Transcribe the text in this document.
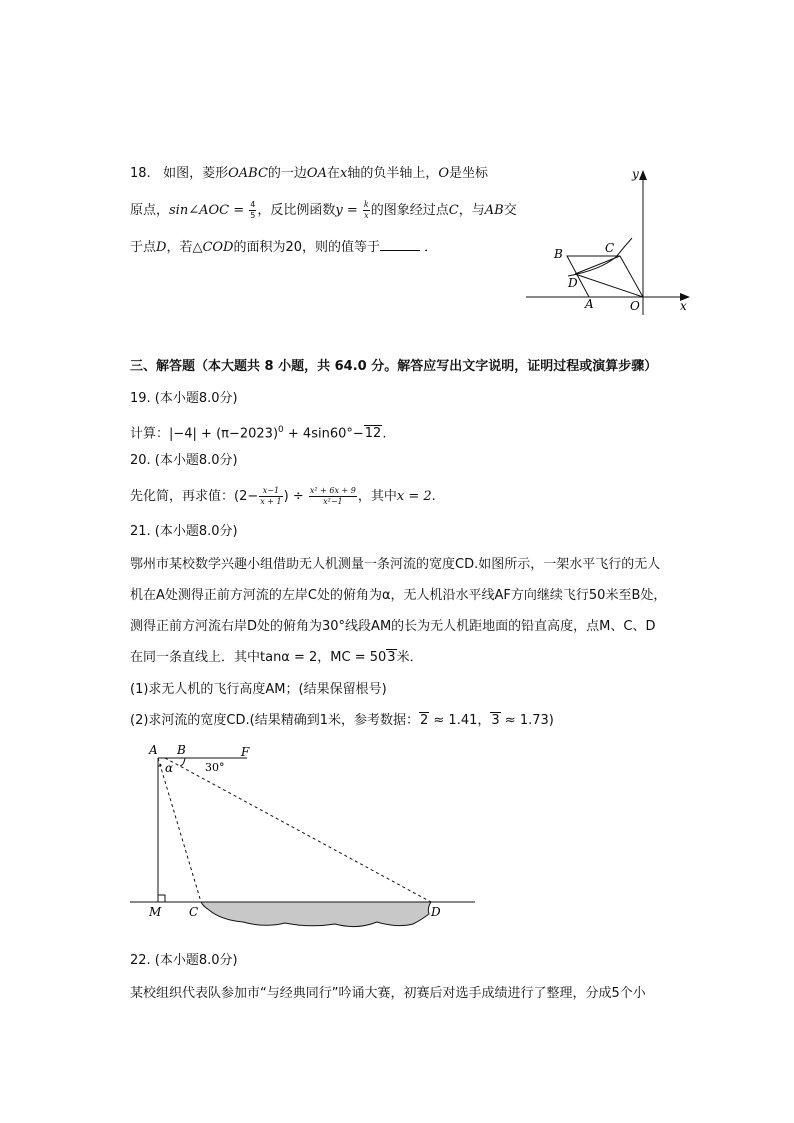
18. 如图，菱形OABC的一边OA在x轴的负半轴上，O是坐标
原点，sin∠AOC = $\frac{4}{5}$ ，反比例函数$y = \frac{k}{x}$ 的图象经过点C，与AB交
于点D，若△COD的面积为20，则的值等于	．
y
x
B	C
D
A	O
三、解答题（本大题共 8 小题，共 64.0 分。解答应写出文字说明，证明过程或演算步骤）
19. (本小题8.0分)
计算：$|-4| + (\pi-2023)^0 + 4\sin 60^\circ-12$.
20. (本小题8.0分)
先化简，再求值：($2- \frac{x-1}{x + 1}$ ) ÷ $\frac{\text{x² + 6x + 9}}{\text{x²−1}}$ ，其中x = 2.
21. (本小题8.0分)
鄂州市某校数学兴趣小组借助无人机测量一条河流的宽度CD.如图所示，一架水平飞行的无人
机在A处测得正前方河流的左岸C处的俯角为α，无人机沿水平线AF方向继续飞行50米至B处，
测得正前方河流右岸D处的俯角为30°线段AM的长为无人机距地面的铅直高度，点M、C、D
在同一条直线上．其中tanα = 2，MC = 503米．
(1)求无人机的飞行高度AM；(结果保留根号)
(2)求河流的宽度CD.(结果精确到1米，参考数据：2 ≈ 1.41，3 ≈ 1.73)
A B	F
α	30°
M C	D
22. (本小题8.0分)
某校组织代表队参加市“与经典同行”吟诵大赛，初赛后对选手成绩进行了整理，分成5个小
